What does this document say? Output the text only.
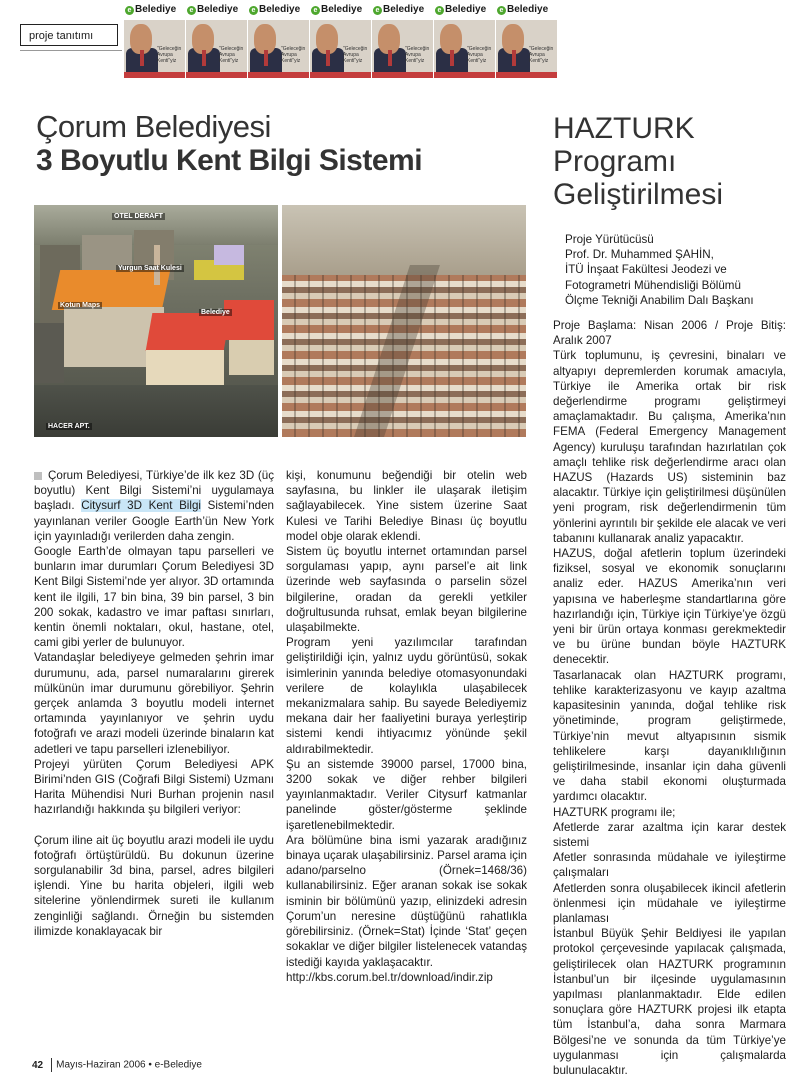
proje tanıtımı
e Belediye
"Geleceğin Avrupa Kenti"yiz
e Belediye
"Geleceğin Avrupa Kenti"yiz
e Belediye
"Geleceğin Avrupa Kenti"yiz
e Belediye
"Geleceğin Avrupa Kenti"yiz
e Belediye
"Geleceğin Avrupa Kenti"yiz
e Belediye
"Geleceğin Avrupa Kenti"yiz
e Belediye
"Geleceğin Avrupa Kenti"yiz
Çorum Belediyesi
3 Boyutlu Kent Bilgi Sistemi
HAZTURK
Programı
Geliştirilmesi
OTEL DERAFT
Yurgun Saat Kulesi
Kotun Maps
Belediye
HACER APT.

Çorum Belediyesi, Türkiye’de ilk kez 3D (üç boyutlu) Kent Bilgi Sistemi’ni uygulamaya başladı. Citysurf 3D Kent Bilgi Sistemi’nden yayınlanan veriler Google Earth’ün New York için yayınladığı verilerden daha zengin.

Google Earth’de olmayan tapu parselleri ve bunların imar durumları Çorum Belediyesi 3D Kent Bilgi Sistemi’nde yer alıyor. 3D ortamında kent ile ilgili, 17 bin bina, 39 bin parsel, 3 bin 200 sokak, kadastro ve imar paftası sınırları, kentin önemli noktaları, okul, hastane, otel, cami gibi yerler de bulunuyor.

Vatandaşlar belediyeye gelmeden şehrin imar durumunu, ada, parsel numaralarını girerek mülkünün imar durumunu görebiliyor. Şehrin gerçek anlamda 3 boyutlu modeli internet ortamında yayınlanıyor ve şehrin uydu fotoğrafı ve arazi modeli üzerinde binaların kat adetleri ve tapu parselleri izlenebiliyor.

Projeyi yürüten Çorum Belediyesi APK Birimi’nden GIS (Coğrafi Bilgi Sistemi) Uzmanı Harita Mühendisi Nuri Burhan projenin nasıl hazırlandığı hakkında şu bilgileri veriyor:

Çorum iline ait üç boyutlu arazi modeli ile uydu fotoğrafı örtüştürüldü. Bu dokunun üzerine sorgulanabilir 3d bina, parsel, adres bilgileri işlendi. Yine bu harita objeleri, ilgili web sitelerine yönlendirmek sureti ile kullanım zenginliği sağlandı. Örneğin bu sistemden ilimizde konaklayacak bir

kişi, konumunu beğendiği bir otelin web sayfasına, bu linkler ile ulaşarak iletişim sağlayabilecek. Yine sistem üzerine Saat Kulesi ve Tarihi Belediye Binası üç boyutlu model obje olarak eklendi.

Sistem üç boyutlu internet ortamından parsel sorgulaması yapıp, aynı parsel’e ait link üzerinde web sayfasında o parselin sözel bilgilerine, oradan da gerekli yetkiler doğrultusunda ruhsat, emlak beyan bilgilerine ulaşabilmekte.

Program yeni yazılımcılar tarafından geliştirildiği için, yalnız uydu görüntüsü, sokak isimlerinin yanında belediye otomasyonundaki verilere de kolaylıkla ulaşabilecek mekanizmalara sahip. Bu sayede Belediyemiz mekana dair her faaliyetini buraya yerleştirip sistemi kendi ihtiyacımız yönünde şekil aldırabilmektedir.

Şu an sistemde 39000 parsel, 17000 bina, 3200 sokak ve diğer rehber bilgileri yayınlanmaktadır. Veriler Citysurf katmanlar panelinde göster/gösterme şeklinde işaretlenebilmektedir.

Ara bölümüne bina ismi yazarak aradığınız binaya uçarak ulaşabilirsiniz. Parsel arama için adano/parselno (Örnek=1468/36) kullanabilirsiniz. Eğer aranan sokak ise sokak isminin bir bölümünü yazıp, elinizdeki adresin Çorum’un neresine düştüğünü rahatlıkla görebilirsiniz. (Örnek=Stat) İçinde ‘Stat’ geçen sokaklar ve diğer bilgiler listelenecek vatandaş istediği kayıda yaklaşacaktır.

http://kbs.corum.bel.tr/download/indir.zip

Proje Yürütücüsü
Prof. Dr. Muhammed ŞAHİN,
İTÜ İnşaat Fakültesi Jeodezi ve
Fotogrametri Mühendisliği Bölümü
Ölçme Tekniği Anabilim Dalı Başkanı

Proje Başlama: Nisan 2006 / Proje Bitiş: Aralık 2007

Türk toplumunu, iş çevresini, binaları ve altyapıyı depremlerden korumak amacıyla, Türkiye ile Amerika ortak bir risk değerlendirme programı geliştirmeyi amaçlamaktadır. Bu çalışma, Amerika’nın FEMA (Federal Emergency Management Agency) kuruluşu tarafından hazırlatılan çok amaçlı tehlike risk değerlendirme aracı olan HAZUS (Hazards US) sisteminin baz alacaktır. Türkiye için geliştirilmesi düşünülen yeni program, risk değerlendirmenin tüm yönlerini ayrıntılı bir şekilde ele alacak ve veri tabanını kullanarak analiz yapacaktır.

HAZUS, doğal afetlerin toplum üzerindeki fiziksel, sosyal ve ekonomik sonuçlarını analiz eder. HAZUS Amerika’nın veri yapısına ve haberleşme standartlarına göre hazırlandığı için, Türkiye için Türkiye’ye özgü yeni bir ürün ortaya konması gerekmektedir ve bu ürüne bundan böyle HAZTURK denecektir.

Tasarlanacak olan HAZTURK programı, tehlike karakterizasyonu ve kayıp azaltma kapasitesinin yanında, doğal tehlike risk yönetiminde, program geliştirmede, Türkiye’nin mevut altyapısının sismik tehlikelere karşı dayanıklılığının geliştirilmesinde, insanlar için daha güvenli ve daha stabil ekonomi oluşturmada yardımcı olacaktır.

HAZTURK programı ile;

Afetlerde zarar azaltma için karar destek sistemi

Afetler sonrasında müdahale ve iyileştirme çalışmaları

Afetlerden sonra oluşabilecek ikincil afetlerin önlenmesi için müdahale ve iyileştirme planlaması

İstanbul Büyük Şehir Beldiyesi ile yapılan protokol çerçevesinde yapılacak çalışmada, geliştirilecek olan HAZTURK programının İstanbul’un bir ilçesinde uygulamasının yapılması planlanmaktadır. Elde edilen sonuçlara göre HAZTURK projesi ilk etapta tüm İstanbul’a, daha sonra Marmara Bölgesi’ne ve sonunda da tüm Türkiye’ye uygulanması için çalışmalarda bulunulacaktır.

42 Mayıs-Haziran 2006 • e-Belediye
